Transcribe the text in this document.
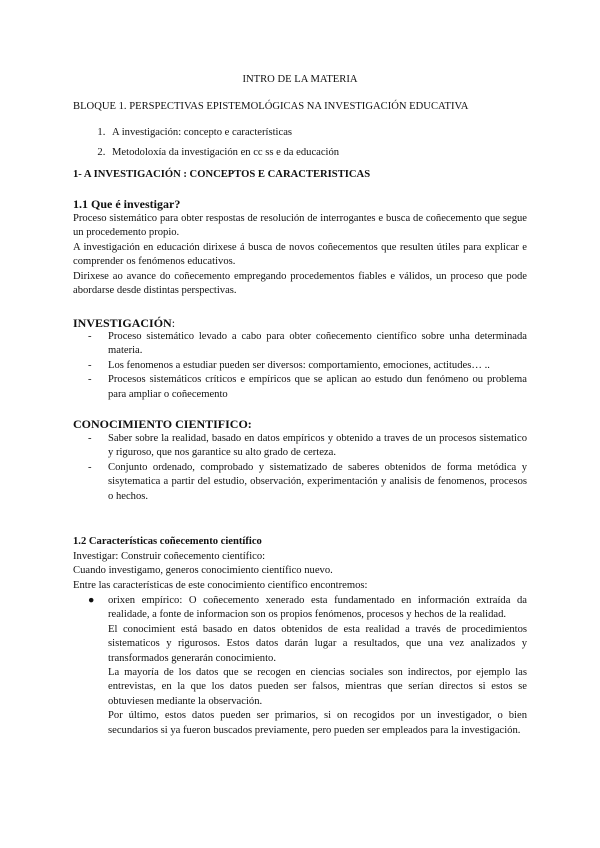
INTRO DE LA MATERIA

BLOQUE 1. PERSPECTIVAS EPISTEMOLÓGICAS NA INVESTIGACIÓN EDUCATIVA

1. A investigación: concepto e características
2. Metodoloxía da investigación en cc ss e da educación

1- A INVESTIGACIÓN : CONCEPTOS E CARACTERISTICAS

1.1 Que é investigar?

Proceso sistemático para obter respostas de resolución de interrogantes e busca de coñecemento que segue un procedemento propio.

A investigación en educación dirixese á busca de novos coñecementos que resulten útiles para explicar e comprender os fenómenos educativos.

Dirixese ao avance do coñecemento empregando procedementos fiables e válidos, un proceso que pode abordarse desde distintas perspectivas.

INVESTIGACIÓN:

- Proceso sistemático levado a cabo para obter coñecemento científico sobre unha determinada materia.
- Los fenomenos a estudiar pueden ser diversos: comportamiento, emociones, actitudes… ..
- Procesos sistemáticos críticos e empíricos que se aplican ao estudo dun fenómeno ou problema para ampliar o coñecemento

CONOCIMIENTO CIENTIFICO:

- Saber sobre la realidad, basado en datos empíricos y obtenido a traves de un procesos sistematico y riguroso, que nos garantice su alto grado de certeza.
- Conjunto ordenado, comprobado y sistematizado de saberes obtenidos de forma metódica y sisytematica a partir del estudio, observación, experimentación y analisis de fenomenos, procesos o hechos.

1.2 Características coñecemento científico

Investigar: Construir coñecemento científico:

Cuando investigamo, generos conocimiento científico nuevo.

Entre las características de este conocimiento científico encontremos:

●	orixen empírico: O coñecemento xenerado esta fundamentado en información extraída da realidade, a fonte de informacion son os propios fenómenos, procesos y hechos de la realidad.

El conocimient está basado en datos obtenidos de esta realidad a través de procedimientos sistematicos y rigurosos. Estos datos darán lugar a resultados, que una vez analizados y transformados generarán conocimiento.

La mayoría de los datos que se recogen en ciencias sociales son indirectos, por ejemplo las entrevistas, en la que los datos pueden ser falsos, mientras que serían directos si estos se obtuviesen mediante la observación.

Por último, estos datos pueden ser primarios, si on recogidos por un investigador, o bien secundarios si ya fueron buscados previamente, pero pueden ser empleados para la investigación.
